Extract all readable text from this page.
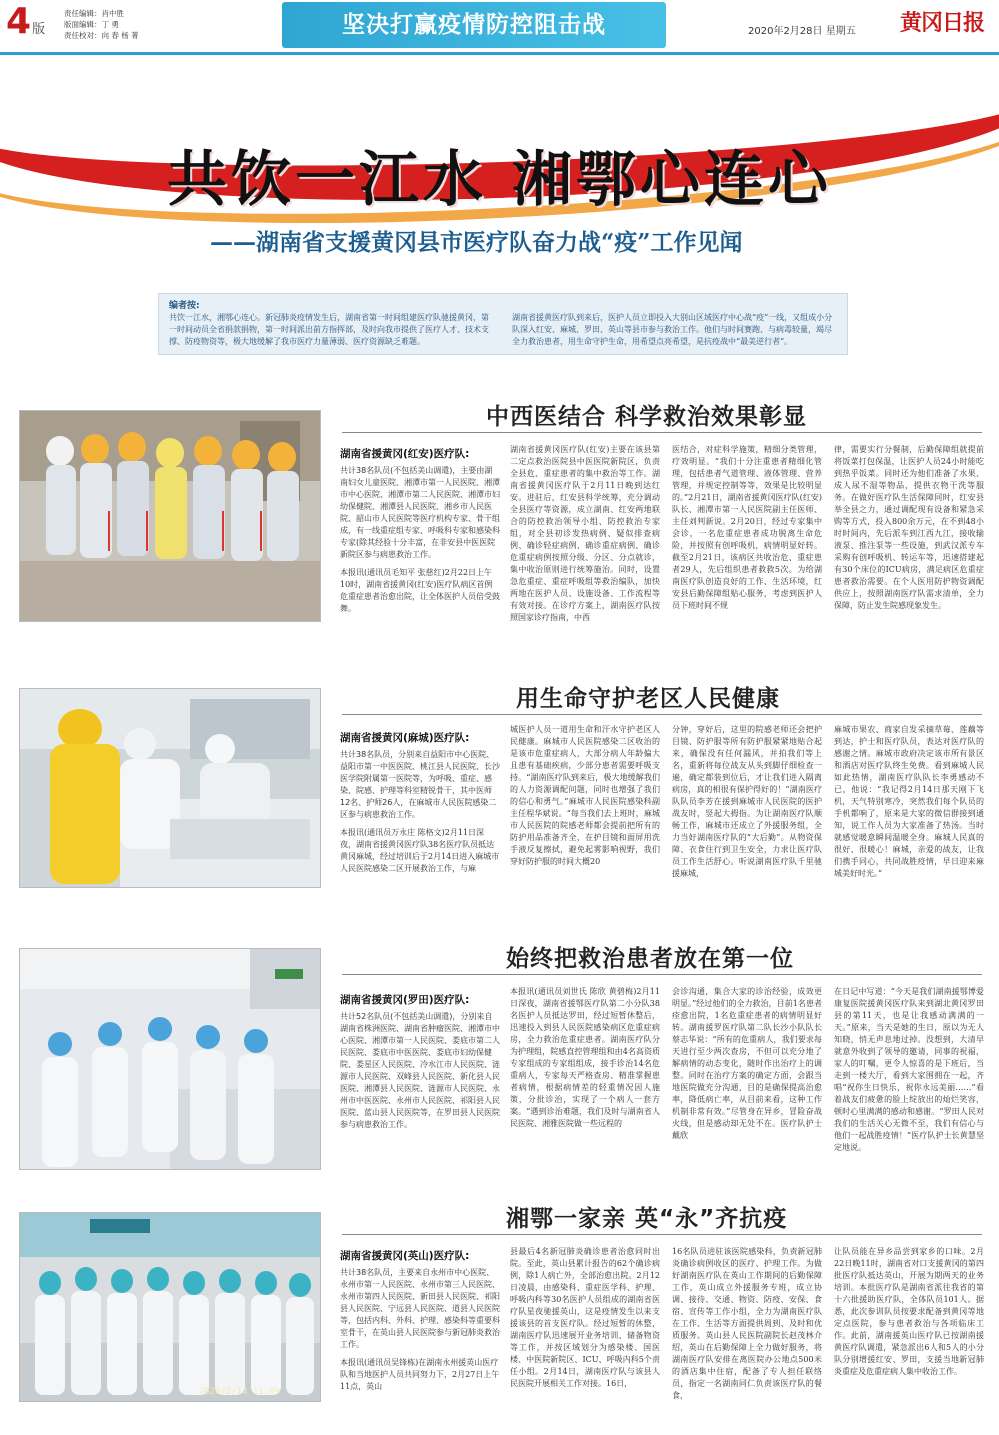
4版
责任编辑：肖中胜
版面编辑：丁 勇
责任校对：向 春 杨 菁	坚决打赢疫情防控阻击战	2020年2月28日 星期五 黄冈日报
共饮一江水 湘鄂心连心
——湖南省支援黄冈县市医疗队奋力战“疫”工作见闻
编者按:
共饮一江水，湘鄂心连心。新冠肺炎疫情发生后，湖南省第一时间组建医疗队驰援黄冈，第一时间动员全省捐款捐物，第一时间派出前方指挥部，及时向我市提供了医疗人才、技术支撑、防疫物资等，极大地缓解了我市医疗力量薄弱、医疗资源缺乏难题。
湖南省援黄医疗队到来后，医护人员立即投入大别山区域医疗中心战“疫”一线，又组成小分队深入红安、麻城、罗田、英山等县市参与救治工作。他们与时间赛跑、与病毒较量，竭尽全力救治患者，用生命守护生命，用希望点亮希望，是抗疫战中“最美逆行者”。
中西医结合 科学救治效果彰显
湖南省援黄冈(红安)医疗队:
共计38名队员(不包括美山调遣)，主要由湖南妇女儿童医院、湘潭市第一人民医院、湘潭市中心医院、湘潭市第二人民医院、湘潭市妇幼保健院、湘潭县人民医院、湘乡市人民医院、韶山市人民医院等医疗机构专家、骨干组成，有一线重症组专家、呼吸科专家和感染科专家(除其经验十分丰富，在非安县中医医院新院区参与病患救治工作。
本报讯(通讯员毛知平 张慈红)2月22日上午10时，湖南省援黄冈(红安)医疗队病区首例危重症患者治愈出院，让全体医护人员倍受鼓舞。
湖南省援黄冈医疗队(红安)主要在该县第二定点救治医院县中医医院新院区，负责全县危、重症患者的集中救治等工作。湖南省援黄冈医疗队于2月11日晚到达红安。进驻后，红安县科学统筹，充分调动全县医疗等资源，成立湖南、红安两地联合的防控救治领导小组、防控救治专家组，对全县初诊发热病例、疑似排查病例、确诊轻症病例、确诊重症病例、确诊危重症病例按照分级、分区、分点就诊，集中收治原则进行统筹施治。同时，设置急危重症、重症呼吸组等救治编队，加快两地在医护人员、设施设备、工作流程等有效对接。在诊疗方案上，湖南医疗队按照国家诊疗指南，中西
医结合，对症科学施策，精细分类管理，疗效明显。“我们十分注重患者精细化管理，包括患者气道管理、液体管理、营养管理，并规定控制等等，效果是比较明显的。”2月21日，湖南省援黄冈医疗队(红安)队长、湘潭市第一人民医院副主任医师、主任刘判新说。2月20日，经过专家集中会诊，一名危重症患者成功脱离生命危险，并按照有创呼吸机，病情明显好转。截至2月21日，该病区共收治危、重症患者29人，先后组织患者救救5次。为给湖南医疗队创造良好的工作、生活环境，红安县后勤保障组贴心服务，考虑到医护人员下班时间不规
律，需要实行分餐制，后勤保障组就提前将饭菜打包保温，让医护人员24小时能吃到热乎饭菜。同时还为他们准备了水果、成人尿不湿等物品，提供衣物干洗等服务。在做好医疗队生活保障同时，红安县举全县之力，通过调配现有设备和紧急采购等方式，投入800余万元，在不到48小时时间内，先后派车到江西九江，接收输液泵、推注泵等一些设施，到武汉派专车采购有创呼吸机、转运车等，迅速搭建起有30个床位的ICU病房，满足病区危重症患者救治需要。在个人医用防护物资调配供应上，按照湖南医疗队需求清单，全力保障，防止发生院感现象发生。
用生命守护老区人民健康
湖南省援黄冈(麻城)医疗队:
共计38名队员，分别来自益阳市中心医院、益阳市第一中医医院、桃江县人民医院、长沙医学院附属第一医院等，为呼吸、重症、感染、院感、护理等科室精锐骨干，其中医师12名、护师26人，在麻城市人民医院感染二区参与病患救治工作。
本报讯(通讯员万永庄 陈格文)2月11日深夜，湖南省援黄冈医疗队38名医疗队员抵达黄冈麻城，经过培训后于2月14日进入麻城市人民医院感染二区开展救治工作，与麻
城医护人员一道用生命和汗水守护老区人民健康。麻城市人民医院感染二区收治的是该市危重症病人，大部分病人年龄偏大且患有基础疾病，少部分患者需要呼吸支持。“湖南医疗队到来后，极大地缓解我们的人力资源调配问题，同时也增强了我们的信心和勇气。”麻城市人民医院感染科副主任程华斌说。“每当我们去上班时，麻城市人民医院的院感老师都会提前把所有的防护用品准备齐全，在护目镜和面屏用洗手液反复擦拭，避免起雾影响视野，我们穿好防护服的时间大概20
分钟，穿好后，这里的院感老师还会把护目镜、防护服等所有防护服紧紧地贴合起来，确保没有任何漏风，并拍我们等上名，重新将每位战友从头到脚仔细检查一遍，确定都装到位后，才让我们进入隔离病房，真的相很有保护得好的！”湖南医疗队队员李芳在援到麻城市人民医院的医护战友时，竖起大拇指。为让湖南医疗队顺畅工作，麻城市还成立了外援服务组，全力当好湖南医疗队的“大后勤”。从物资保障、衣食住行到卫生安全，力求让医疗队员工作生活舒心。听说湖南医疗队千里驰援麻城，
麻城市果农、商家自发采摘草莓、莲藕等到达，护士和医疗队员，表达对医疗队的感谢之情。麻城市政府决定该市所有景区和酒店对医疗队终生免费。看到麻城人民如此热情，湖南医疗队队长李勇感动不已，他说：“我记得2月14日那天刚下飞机，天气特别寒冷，突然我们每个队员的手机都响了，原来是大家的微信群接到通知，说工作人员为大家准备了热汤。当时就感觉暖意瞬间温暖全身。麻城人民真的很好、很暖心！麻城，亲爱的战友，让我们携手同心，共同战胜疫情，早日迎来麻城美好时光。”
始终把救治患者放在第一位
湖南省援黄冈(罗田)医疗队:
共计52名队员(不包括美山调遣)，分别来自湖南省株洲医院、湖南省肿瘤医院、湘潭市中心医院、湘潭市第一人民医院、娄底市第二人民医院、娄底市中医医院、娄底市妇幼保健院、娄星区人民医院、冷水江市人民医院、涟源市人民医院、双峰县人民医院、新化县人民医院、湘潭县人民医院、涟源市人民医院、永州市中医医院、永州市人民医院、祁阳县人民医院、蓝山县人民医院等，在罗田县人民医院参与病患救治工作。
本报讯(通讯员刘世氏 陈欣 黄碧梅)2月11日深夜，湖南省援鄂医疗队第二小分队38名医护人员抵达罗田，经过短暂休整后，迅速投入到县人民医院感染病区危重症病房，全力救治危重症患者。湖南医疗队分为护理组，院感直控管理组和由4名高资质专家组成的专家组组成，接手诊治14名危重病人，专家每天严格查房、精准掌握患者病情，根据病情差的轻重情况因人施策，分批诊治，实现了一个病人一套方案。“遇到诊治难题，我们及时与湖南省人民医院、湘雅医院做一些远程的
会诊沟通，集合大家的诊治经验，成效更明显。”经过他们的全力救治，目前1名患者痊愈出院，1名危重症患者的病情明显好转。湖南援罗医疗队第二队长沙小队队长蔡志华说：“所有的危重病人，我们要求每天进行至少两次查房，不但可以充分地了解病情的动态变化，随时作出治疗上的调整。同时在治疗方案的确定方面，会跟当地医院做充分沟通，目的是确保提高治愈率，降低病亡率，从目前来看，这种工作机制非常有效。”尽管身在异乡，冒险奋战火线，但是感动却无处不在。医疗队护士戴欣
在日记中写道：“今天是我们湖南援鄂博爱康复医院援黄冈医疗队来到湖北黄冈罗田县的第11天，也是让我感动满满的一天。”原来，当天是她的生日，原以为无人知晓，悄无声息地过掉。没想到，大清早就意外收到了领导的邀请，同事的祝福，家人的叮嘱，更令人惊喜的是下班后，当走到一楼大厅，看到大家围拥在一起，齐唱“祝你生日快乐，祝你永远美丽……”看着战友们疲惫的脸上绽放出的灿烂笑容，顿时心里满满的感动和感谢。“罗田人民对我们的生活关心无微不至，我们有信心与他们一起战胜疫情！”医疗队护士长黄慧坚定地说。
湘鄂一家亲 英“永”齐抗疫
2020/2/14 11:09
湖南省援黄冈(英山)医疗队:
共计38名队员，主要来自永州市中心医院、永州市第一人民医院、永州市第三人民医院、永州市第四人民医院、新田县人民医院、祁阳县人民医院、宁远县人民医院、道县人民医院等，包括内科、外科、护理、感染科等重要科室骨干，在英山县人民医院参与新冠肺炎救治工作。
本报讯(通讯员吴锋栋)在湖南永州援英山医疗队和当地医护人员共同努力下，2月27日上午11点，英山
县最后4名新冠肺炎确诊患者治愈同时出院。至此，英山县累计报告的62个确诊病例，除1人病亡外，全部治愈出院。2月12日凌晨，由感染科、重症医学科、护理、呼吸内科等30名医护人员组成的湖南省医疗队星夜驰援英山，这是疫情发生以来支援该县的首支医疗队。经过短暂的休整，湖南医疗队迅速展开业务培训、储备物资等工作，并按区域划分为感染楼、国医楼、中医院新院区、ICU、呼吸内科5个责任小组。2月14日，湖南医疗队与该县人民医院开展相关工作对接。16日，
16名队员进驻该医院感染科，负责新冠肺炎确诊病例收区的医疗、护理工作。为做好湖南医疗队在英山工作期间的后勤保障工作，英山成立外援服务专班，成立协调、接待、交通、物资、防疫、安保、食宿、宣传等工作小组，全力为湖南医疗队在工作、生活等方面提供周到、及时和优质服务。英山县人民医院副院长赵茂林介绍，英山在后勤保障上全力做好服务，将湖南医疗队安排在离医院办公地点500米的酒店集中住宿，配备了专人担任联络员，指定一名湖南同仁负责该医疗队的餐食，
让队员能在异乡品尝到家乡的口味。2月22日晚11时，湖南省对口支援黄冈的第四批医疗队抵达英山，开展为期两天的业务培训。本批医疗队是湖南省派往我省的第十六批援助医疗队，全体队员101人。据悉，此次参训队员按要求配备到黄冈等地定点医院，参与患者救治与各项临床工作。此前，湖南援英山医疗队已按湖南援黄医疗队调遣，紧急派出6人和5人的小分队分别增援红安、罗田，支援当地新冠肺炎重症及危重症病人集中收治工作。
